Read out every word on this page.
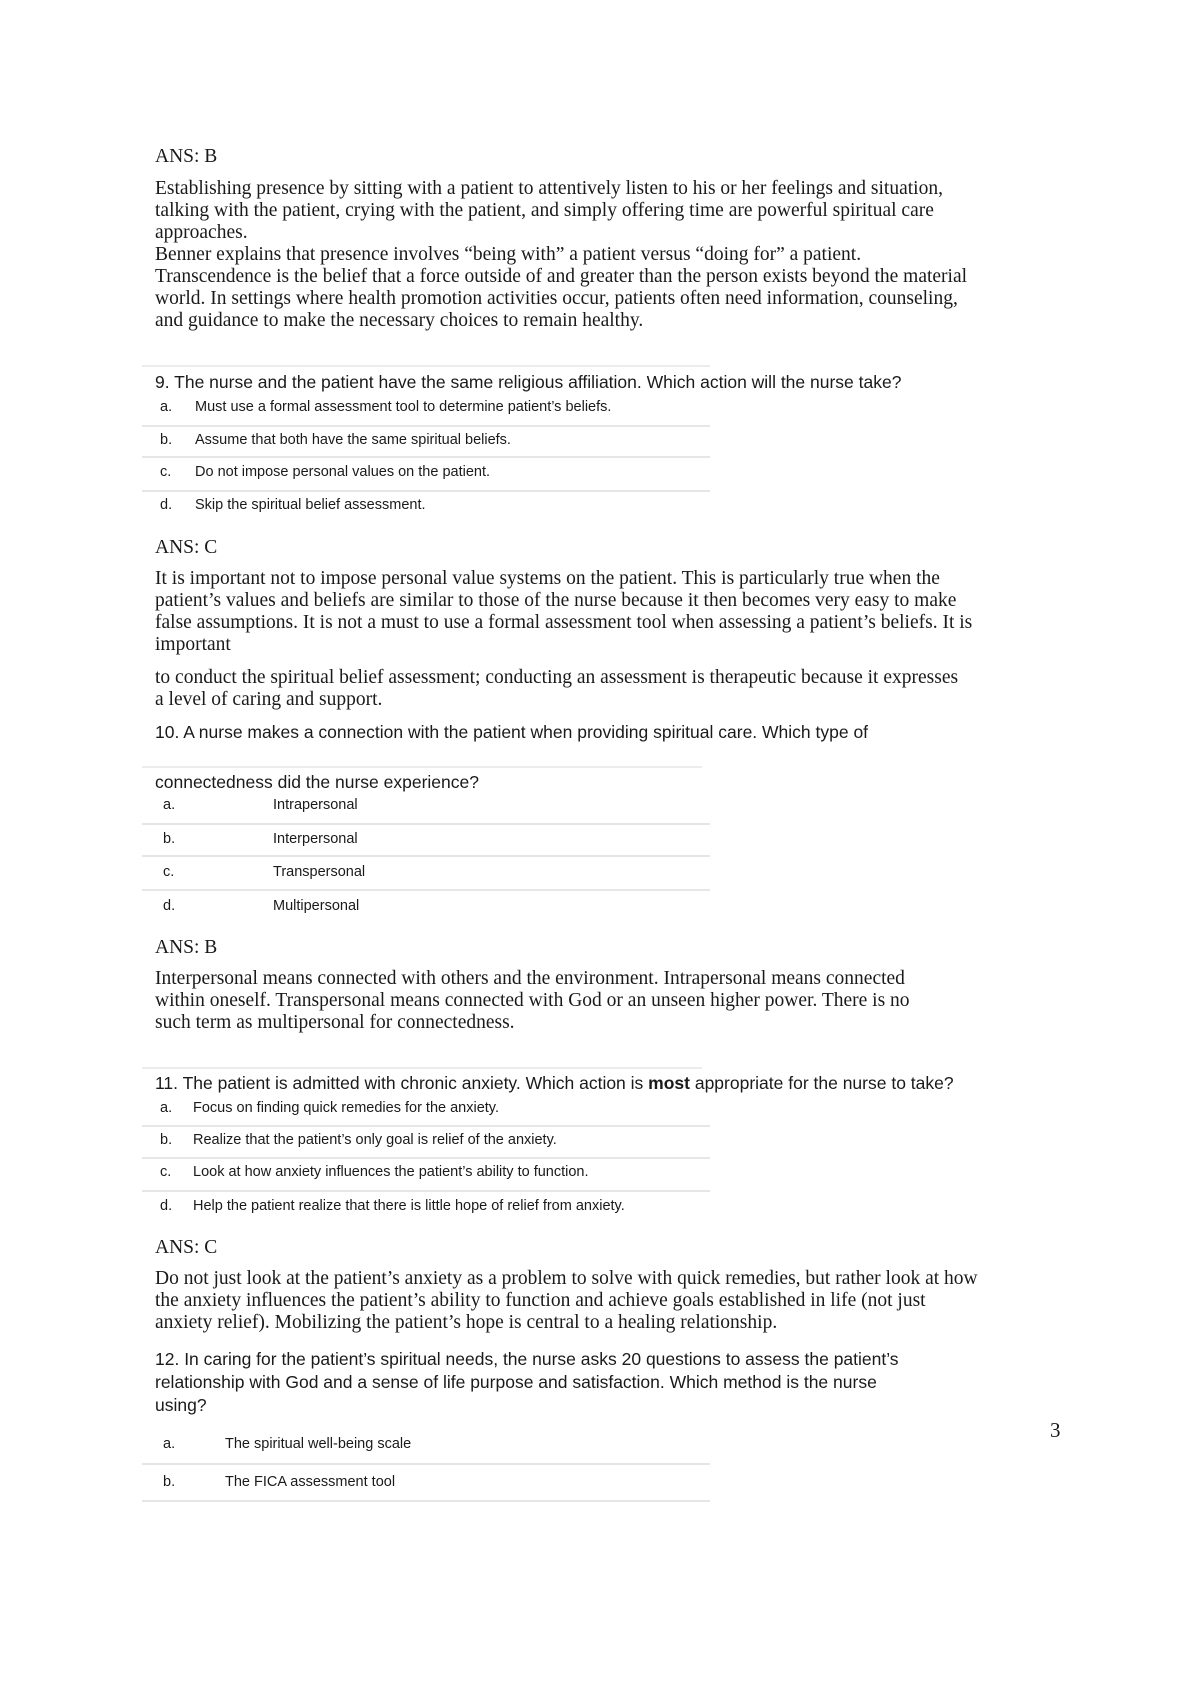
ANS: B
Establishing presence by sitting with a patient to attentively listen to his or her feelings and situation,
talking with the patient, crying with the patient, and simply offering time are powerful spiritual care
approaches.
Benner explains that presence involves “being with” a patient versus “doing for” a patient.
Transcendence is the belief that a force outside of and greater than the person exists beyond the material
world. In settings where health promotion activities occur, patients often need information, counseling,
and guidance to make the necessary choices to remain healthy.
9. The nurse and the patient have the same religious affiliation. Which action will the nurse take?
a. Must use a formal assessment tool to determine patient’s beliefs.
b. Assume that both have the same spiritual beliefs.
c. Do not impose personal values on the patient.
d. Skip the spiritual belief assessment.
ANS: C
It is important not to impose personal value systems on the patient. This is particularly true when the
patient’s values and beliefs are similar to those of the nurse because it then becomes very easy to make
false assumptions. It is not a must to use a formal assessment tool when assessing a patient’s beliefs. It is
important
to conduct the spiritual belief assessment; conducting an assessment is therapeutic because it expresses
a level of caring and support.
10. A nurse makes a connection with the patient when providing spiritual care. Which type of
connectedness did the nurse experience?
a.	Intrapersonal
b.	Interpersonal
c.	Transpersonal
d.	Multipersonal
ANS: B
Interpersonal means connected with others and the environment. Intrapersonal means connected
within oneself. Transpersonal means connected with God or an unseen higher power. There is no
such term as multipersonal for connectedness.
11. The patient is admitted with chronic anxiety. Which action is most appropriate for the nurse to take?
a. Focus on finding quick remedies for the anxiety.
b. Realize that the patient’s only goal is relief of the anxiety.
c. Look at how anxiety influences the patient’s ability to function.
d. Help the patient realize that there is little hope of relief from anxiety.
ANS: C
Do not just look at the patient’s anxiety as a problem to solve with quick remedies, but rather look at how
the anxiety influences the patient’s ability to function and achieve goals established in life (not just
anxiety relief). Mobilizing the patient’s hope is central to a healing relationship.
12. In caring for the patient’s spiritual needs, the nurse asks 20 questions to assess the patient’s
relationship with God and a sense of life purpose and satisfaction. Which method is the nurse
using?
a.	The spiritual well-being scale
b.	The FICA assessment tool
3
